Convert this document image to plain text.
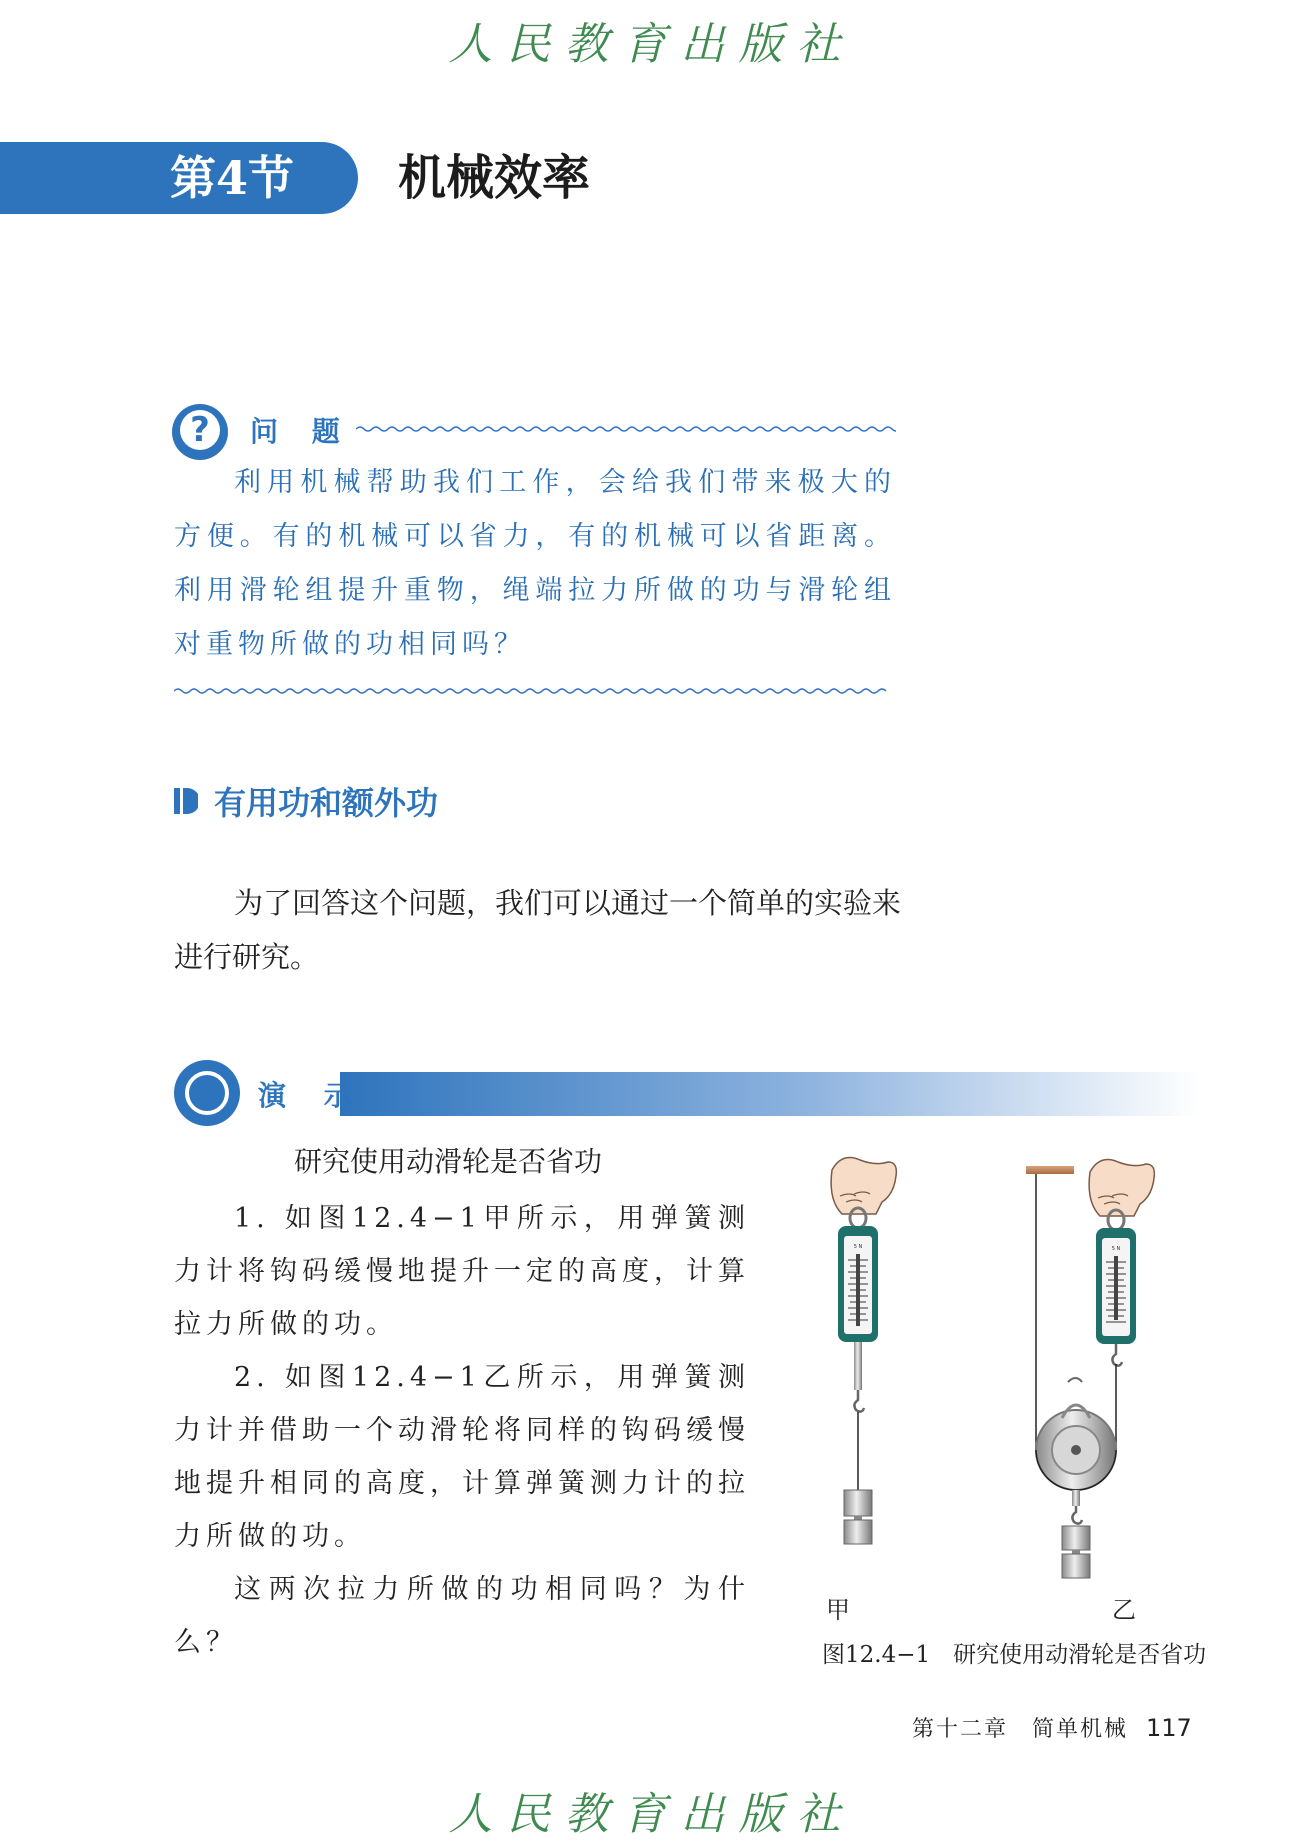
人民教育出版社
第4节 机械效率
?	问 题

利用机械帮助我们工作，会给我们带来极大的方便。有的机械可以省力，有的机械可以省距离。利用滑轮组提升重物，绳端拉力所做的功与滑轮组对重物所做的功相同吗？

有用功和额外功

为了回答这个问题，我们可以通过一个简单的实验来进行研究。

演 示
研究使用动滑轮是否省功

1. 如图12.4−1甲所示，用弹簧测力计将钩码缓慢地提升一定的高度，计算拉力所做的功。

2. 如图12.4−1乙所示，用弹簧测力计并借助一个动滑轮将同样的钩码缓慢地提升相同的高度，计算弹簧测力计的拉力所做的功。

这两次拉力所做的功相同吗？为什么？

5 N	5 N
甲	乙
图12.4−1　研究使用动滑轮是否省功
第十二章　简单机械 117
人民教育出版社
